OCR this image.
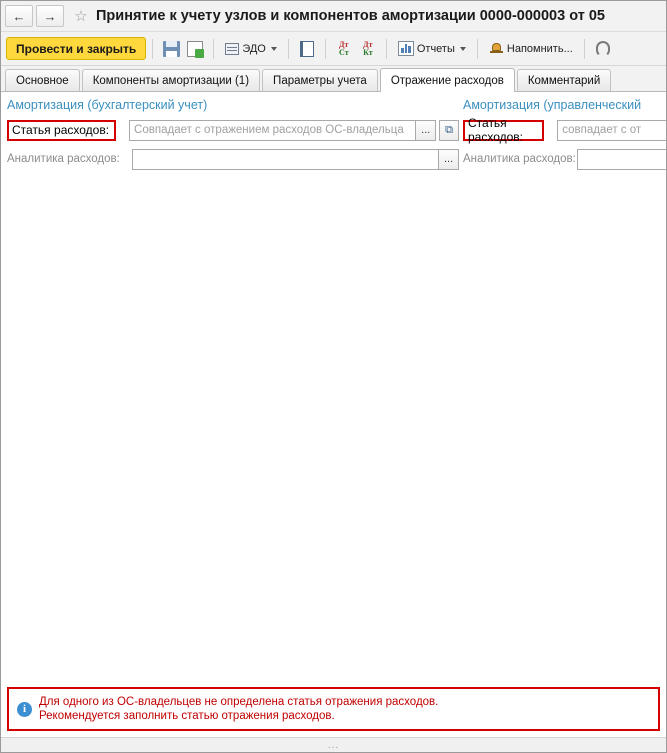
← → ☆ Принятие к учету узлов и компонентов амортизации 0000-000003 от 05
Провести и закрыть	ЭДО	Дт
Ст
Дт
Кт	Отчеты	Напомнить...
Основное	Компоненты амортизации (1)	Параметры учета	Отражение расходов	Комментарий
Амортизация (бухгалтерский учет)
Статья расходов:	Совпадает с отражением расходов ОС-владельца	...	⧉
Аналитика расходов:	...
Амортизация (управленческий
Статья расходов:	совпадает с от
Аналитика расходов:
i
Для одного из ОС-владельцев не определена статья отражения расходов.
Рекомендуется заполнить статью отражения расходов.
...
